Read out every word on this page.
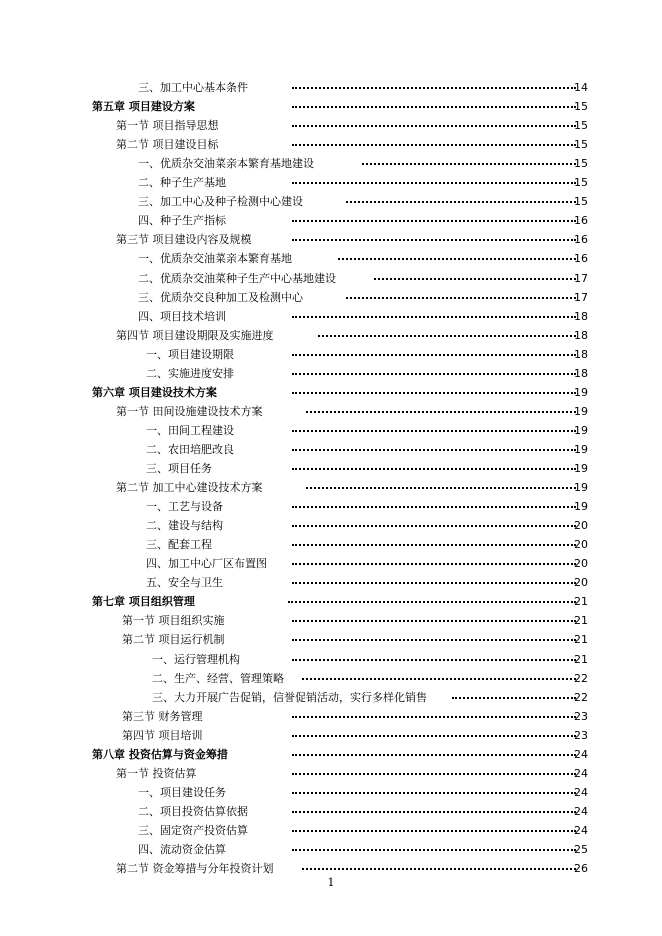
三、加工中心基本条件	14
第五章 项目建设方案	15
第一节 项目指导思想	15
第二节 项目建设目标	15
一、优质杂交油菜亲本繁育基地建设	15
二、种子生产基地	15
三、加工中心及种子检测中心建设	15
四、种子生产指标	16
第三节 项目建设内容及规模	16
一、优质杂交油菜亲本繁育基地	16
二、优质杂交油菜种子生产中心基地建设	17
三、优质杂交良种加工及检测中心	17
四、项目技术培训	18
第四节 项目建设期限及实施进度	18
一、项目建设期限	18
二、实施进度安排	18
第六章 项目建设技术方案	19
第一节 田间设施建设技术方案	19
一、田间工程建设	19
二、农田培肥改良	19
三、项目任务	19
第二节 加工中心建设技术方案	19
一、工艺与设备	19
二、建设与结构	20
三、配套工程	20
四、加工中心厂区布置图	20
五、安全与卫生	20
第七章 项目组织管理	21
第一节 项目组织实施	21
第二节 项目运行机制	21
一、运行管理机构	21
二、生产、经营、管理策略	22
三、大力开展广告促销，信誉促销活动，实行多样化销售	22
第三节 财务管理	23
第四节 项目培训	23
第八章 投资估算与资金筹措	24
第一节 投资估算	24
一、项目建设任务	24
二、项目投资估算依据	24
三、固定资产投资估算	24
四、流动资金估算	25
第二节 资金筹措与分年投资计划	26
1
